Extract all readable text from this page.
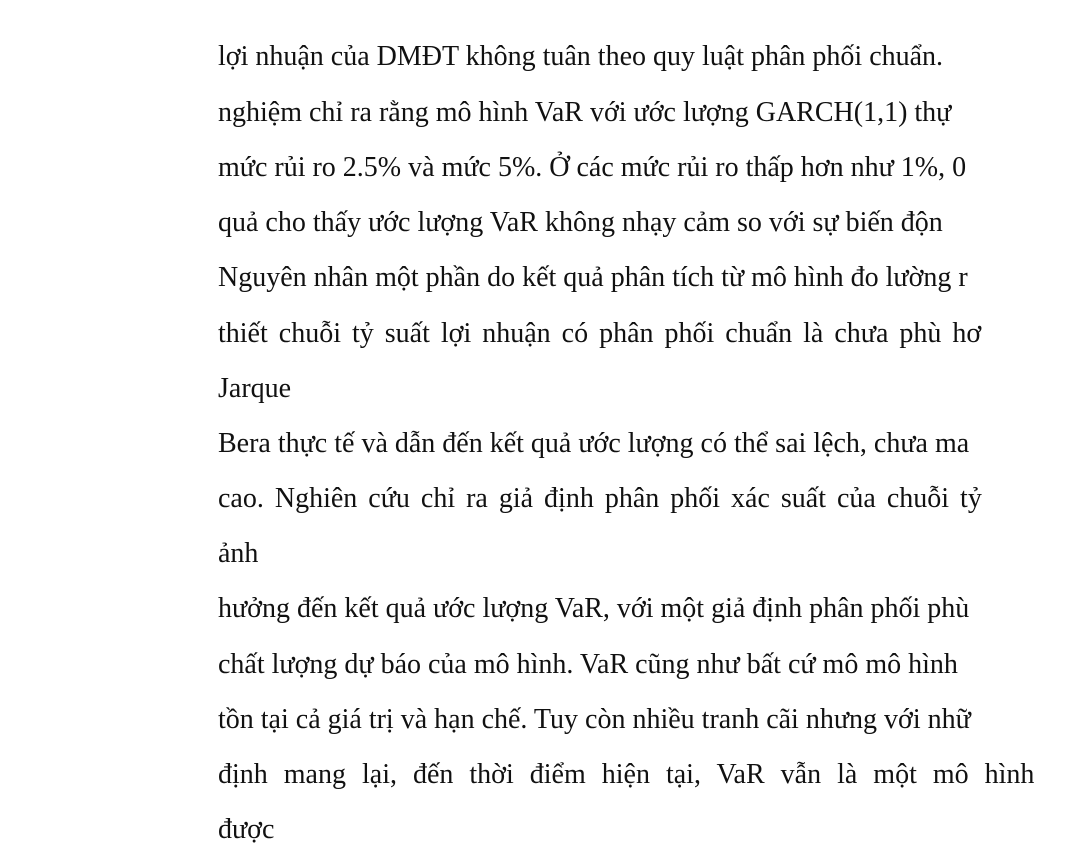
lợi nhuận của DMĐT không tuân theo quy luật phân phối chuẩn.
nghiệm chỉ ra rằng mô hình VaR với ước lượng GARCH(1,1) thự
mức rủi ro 2.5% và mức 5%. Ở các mức rủi ro thấp hơn như 1%, 0
quả cho thấy ước lượng VaR không nhạy cảm so với sự biến độn
Nguyên nhân một phần do kết quả phân tích từ mô hình đo lường r
thiết chuỗi tỷ suất lợi nhuận có phân phối chuẩn là chưa phù hơ
Jarque
Bera thực tế và dẫn đến kết quả ước lượng có thể sai lệch, chưa ma
cao. Nghiên cứu chỉ ra giả định phân phối xác suất của chuỗi tỷ
ảnh
hưởng đến kết quả ước lượng VaR, với một giả định phân phối phù
chất lượng dự báo của mô hình. VaR cũng như bất cứ mô mô hình
tồn tại cả giá trị và hạn chế. Tuy còn nhiều tranh cãi nhưng với nhữ
định mang lại, đến thời điểm hiện tại, VaR vẫn là một mô hình
được
